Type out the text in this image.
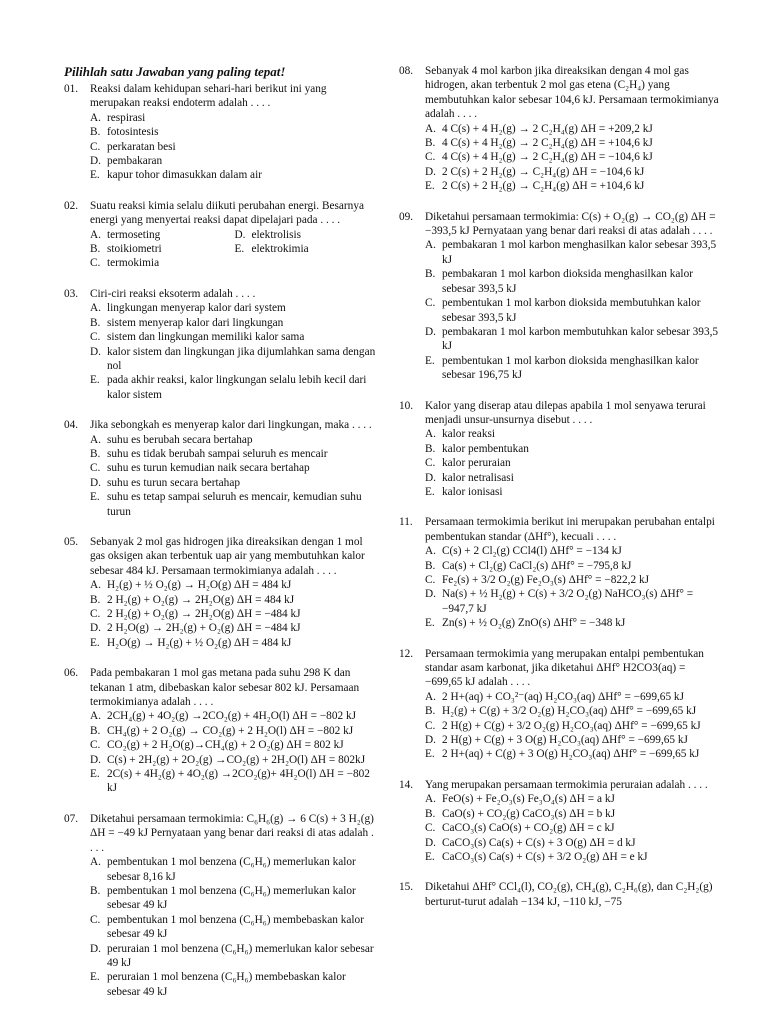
Pilihlah satu Jawaban yang paling tepat!
01.	Reaksi dalam kehidupan sehari-hari berikut ini yang merupakan reaksi endoterm adalah . . . .
A. respirasi
B. fotosintesis
C. perkaratan besi
D. pembakaran
E. kapur tohor dimasukkan dalam air
02.	Suatu reaksi kimia selalu diikuti perubahan energi. Besarnya energi yang menyertai reaksi dapat dipelajari pada . . . .
A. termoseting	D. elektrolisis
B. stoikiometri	E. elektrokimia
C. termokimia
03.	Ciri-ciri reaksi eksoterm adalah . . . .
A. lingkungan menyerap kalor dari system
B. sistem menyerap kalor dari lingkungan
C. sistem dan lingkungan memiliki kalor sama
D. kalor sistem dan lingkungan jika dijumlahkan sama dengan nol
E. pada akhir reaksi, kalor lingkungan selalu lebih kecil dari kalor sistem
04.	Jika sebongkah es menyerap kalor dari lingkungan, maka . . . .
A. suhu es berubah secara bertahap
B. suhu es tidak berubah sampai seluruh es mencair
C. suhu es turun kemudian naik secara bertahap
D. suhu es turun secara bertahap
E. suhu es tetap sampai seluruh es mencair, kemudian suhu turun
05.	Sebanyak 2 mol gas hidrogen jika direaksikan dengan 1 mol gas oksigen akan terbentuk uap air yang membutuhkan kalor sebesar 484 kJ. Persamaan termokimianya adalah . . . .
A. H₂(g) + ½ O₂(g) → H₂O(g) ΔH = 484 kJ
B. 2 H₂(g) + O₂(g) → 2H₂O(g) ΔH = 484 kJ
C. 2 H₂(g) + O₂(g) → 2H₂O(g) ΔH = −484 kJ
D. 2 H₂O(g) → 2H₂(g) + O₂(g) ΔH = −484 kJ
E. H₂O(g) → H₂(g) + ½ O₂(g) ΔH = 484 kJ
06.	Pada pembakaran 1 mol gas metana pada suhu 298 K dan tekanan 1 atm, dibebaskan kalor sebesar 802 kJ. Persamaan termokimianya adalah . . . .
A. 2CH₄(g) + 4O₂(g) →2CO₂(g) + 4H₂O(l) ΔH = −802 kJ
B. CH₄(g) + 2 O₂(g) → CO₂(g) + 2 H₂O(l) ΔH = −802 kJ
C. CO₂(g) + 2 H₂O(g)→CH₄(g) + 2 O₂(g) ΔH = 802 kJ
D. C(s) + 2H₂(g) + 2O₂(g) →CO₂(g) + 2H₂O(l) ΔH = 802kJ
E. 2C(s) + 4H₂(g) + 4O₂(g) →2CO₂(g)+ 4H₂O(l) ΔH = −802 kJ
07.	Diketahui persamaan termokimia: C₆H₆(g) → 6 C(s) + 3 H₂(g) ΔH = −49 kJ Pernyataan yang benar dari reaksi di atas adalah . . . .
A. pembentukan 1 mol benzena (C₆H₆) memerlukan kalor sebesar 8,16 kJ
B. pembentukan 1 mol benzena (C₆H₆) memerlukan kalor sebesar 49 kJ
C. pembentukan 1 mol benzena (C₆H₆) membebaskan kalor sebesar 49 kJ
D. peruraian 1 mol benzena (C₆H₆) memerlukan kalor sebesar 49 kJ
E. peruraian 1 mol benzena (C₆H₆) membebaskan kalor sebesar 49 kJ
08.	Sebanyak 4 mol karbon jika direaksikan dengan 4 mol gas hidrogen, akan terbentuk 2 mol gas etena (C₂H₄) yang membutuhkan kalor sebesar 104,6 kJ. Persamaan termokimianya adalah . . . .
A. 4 C(s) + 4 H₂(g) → 2 C₂H₄(g) ΔH = +209,2 kJ
B. 4 C(s) + 4 H₂(g) → 2 C₂H₄(g) ΔH = +104,6 kJ
C. 4 C(s) + 4 H₂(g) → 2 C₂H₄(g) ΔH = −104,6 kJ
D. 2 C(s) + 2 H₂(g) → C₂H₄(g) ΔH = −104,6 kJ
E. 2 C(s) + 2 H₂(g) → C₂H₄(g) ΔH = +104,6 kJ
09.	Diketahui persamaan termokimia: C(s) + O₂(g) → CO₂(g) ΔH = −393,5 kJ Pernyataan yang benar dari reaksi di atas adalah . . . .
A. pembakaran 1 mol karbon menghasilkan kalor sebesar 393,5 kJ
B. pembakaran 1 mol karbon dioksida menghasilkan kalor sebesar 393,5 kJ
C. pembentukan 1 mol karbon dioksida membutuhkan kalor sebesar 393,5 kJ
D. pembakaran 1 mol karbon membutuhkan kalor sebesar 393,5 kJ
E. pembentukan 1 mol karbon dioksida menghasilkan kalor sebesar 196,75 kJ
10.	Kalor yang diserap atau dilepas apabila 1 mol senyawa terurai menjadi unsur-unsurnya disebut . . . .
A. kalor reaksi
B. kalor pembentukan
C. kalor peruraian
D. kalor netralisasi
E. kalor ionisasi
11.	Persamaan termokimia berikut ini merupakan perubahan entalpi pembentukan standar (ΔHf°), kecuali . . . .
A. C(s) + 2 Cl₂(g) CCl4(l) ΔHf° = −134 kJ
B. Ca(s) + Cl₂(g) CaCl₂(s) ΔHf° = −795,8 kJ
C. Fe₂(s) + 3/2 O₂(g) Fe₂O₃(s) ΔHf° = −822,2 kJ
D. Na(s) + ½ H₂(g) + C(s) + 3/2 O₂(g) NaHCO₃(s) ΔHf° = −947,7 kJ
E. Zn(s) + ½ O₂(g) ZnO(s) ΔHf° = −348 kJ
12.	Persamaan termokimia yang merupakan entalpi pembentukan standar asam karbonat, jika diketahui ΔHf° H2CO3(aq) = −699,65 kJ adalah . . . .
A. 2 H+(aq) + CO₃²⁻(aq) H₂CO₃(aq) ΔHf° = −699,65 kJ
B. H₂(g) + C(g) + 3/2 O₂(g) H₂CO₃(aq) ΔHf° = −699,65 kJ
C. 2 H(g) + C(g) + 3/2 O₂(g) H₂CO₃(aq) ΔHf° = −699,65 kJ
D. 2 H(g) + C(g) + 3 O(g) H₂CO₃(aq) ΔHf° = −699,65 kJ
E. 2 H+(aq) + C(g) + 3 O(g) H₂CO₃(aq) ΔHf° = −699,65 kJ
14.	Yang merupakan persamaan termokimia peruraian adalah . . . .
A. FeO(s) + Fe₂O₃(s) Fe₃O₄(s) ΔH = a kJ
B. CaO(s) + CO₂(g) CaCO₃(s) ΔH = b kJ
C. CaCO₃(s) CaO(s) + CO₂(g) ΔH = c kJ
D. CaCO₃(s) Ca(s) + C(s) + 3 O(g) ΔH = d kJ
E. CaCO₃(s) Ca(s) + C(s) + 3/2 O₂(g) ΔH = e kJ
15.	Diketahui ΔHf° CCl₄(l), CO₂(g), CH₄(g), C₂H₆(g), dan C₂H₂(g) berturut-turut adalah −134 kJ, −110 kJ, −75
